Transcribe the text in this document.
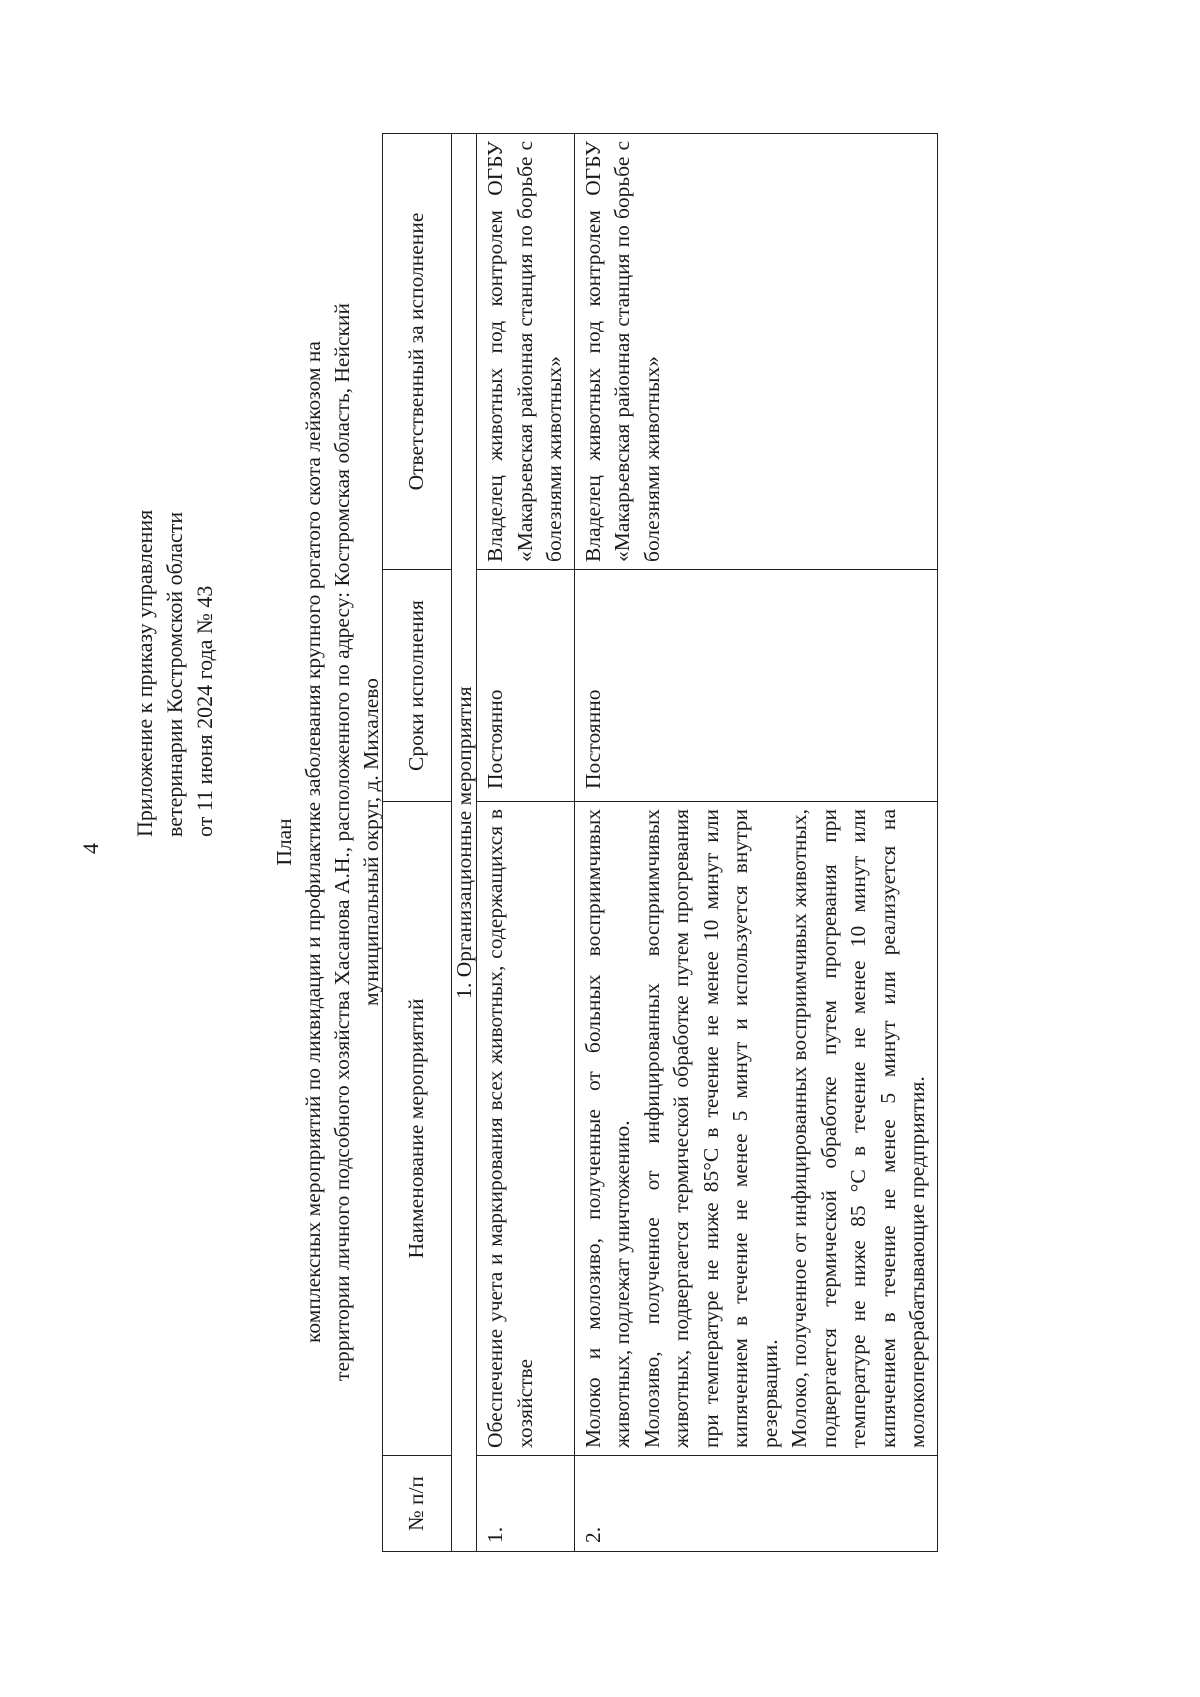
4
Приложение к приказу управления ветеринарии Костромской области от 11 июня 2024 года № 43
План комплексных мероприятий по ликвидации и профилактике заболевания крупного рогатого скота лейкозом на территории личного подсобного хозяйства Хасанова А.Н., расположенного по адресу: Костромская область, Нейский муниципальный округ, д. Михалево
№ п/п	Наименование мероприятий	Сроки исполнения	Ответственный за исполнение
1. Организационные мероприятия			
1.	Обеспечение учета и маркирования всех животных, содержащихся в хозяйстве	Постоянно	Владелец животных под контролем ОГБУ «Макарьевская районная станция по борьбе с болезнями животных»
2.	Молоко и молозиво, полученные от больных восприимчивых животных, подлежат уничтожению. Молозиво, полученное от инфицированных восприимчивых животных, подвергается термической обработке путем прогревания при температуре не ниже 85°С в течение не менее 10 минут или кипячением в течение не менее 5 минут и используется внутри резервации. Молоко, полученное от инфицированных восприимчивых животных, подвергается термической обработке путем прогревания при температуре не ниже 85 °С в течение не менее 10 минут или кипячением в течение не менее 5 минут или реализуется на молокоперерабатывающие предприятия.	Постоянно	Владелец животных под контролем ОГБУ «Макарьевская районная станция по борьбе с болезнями животных»
